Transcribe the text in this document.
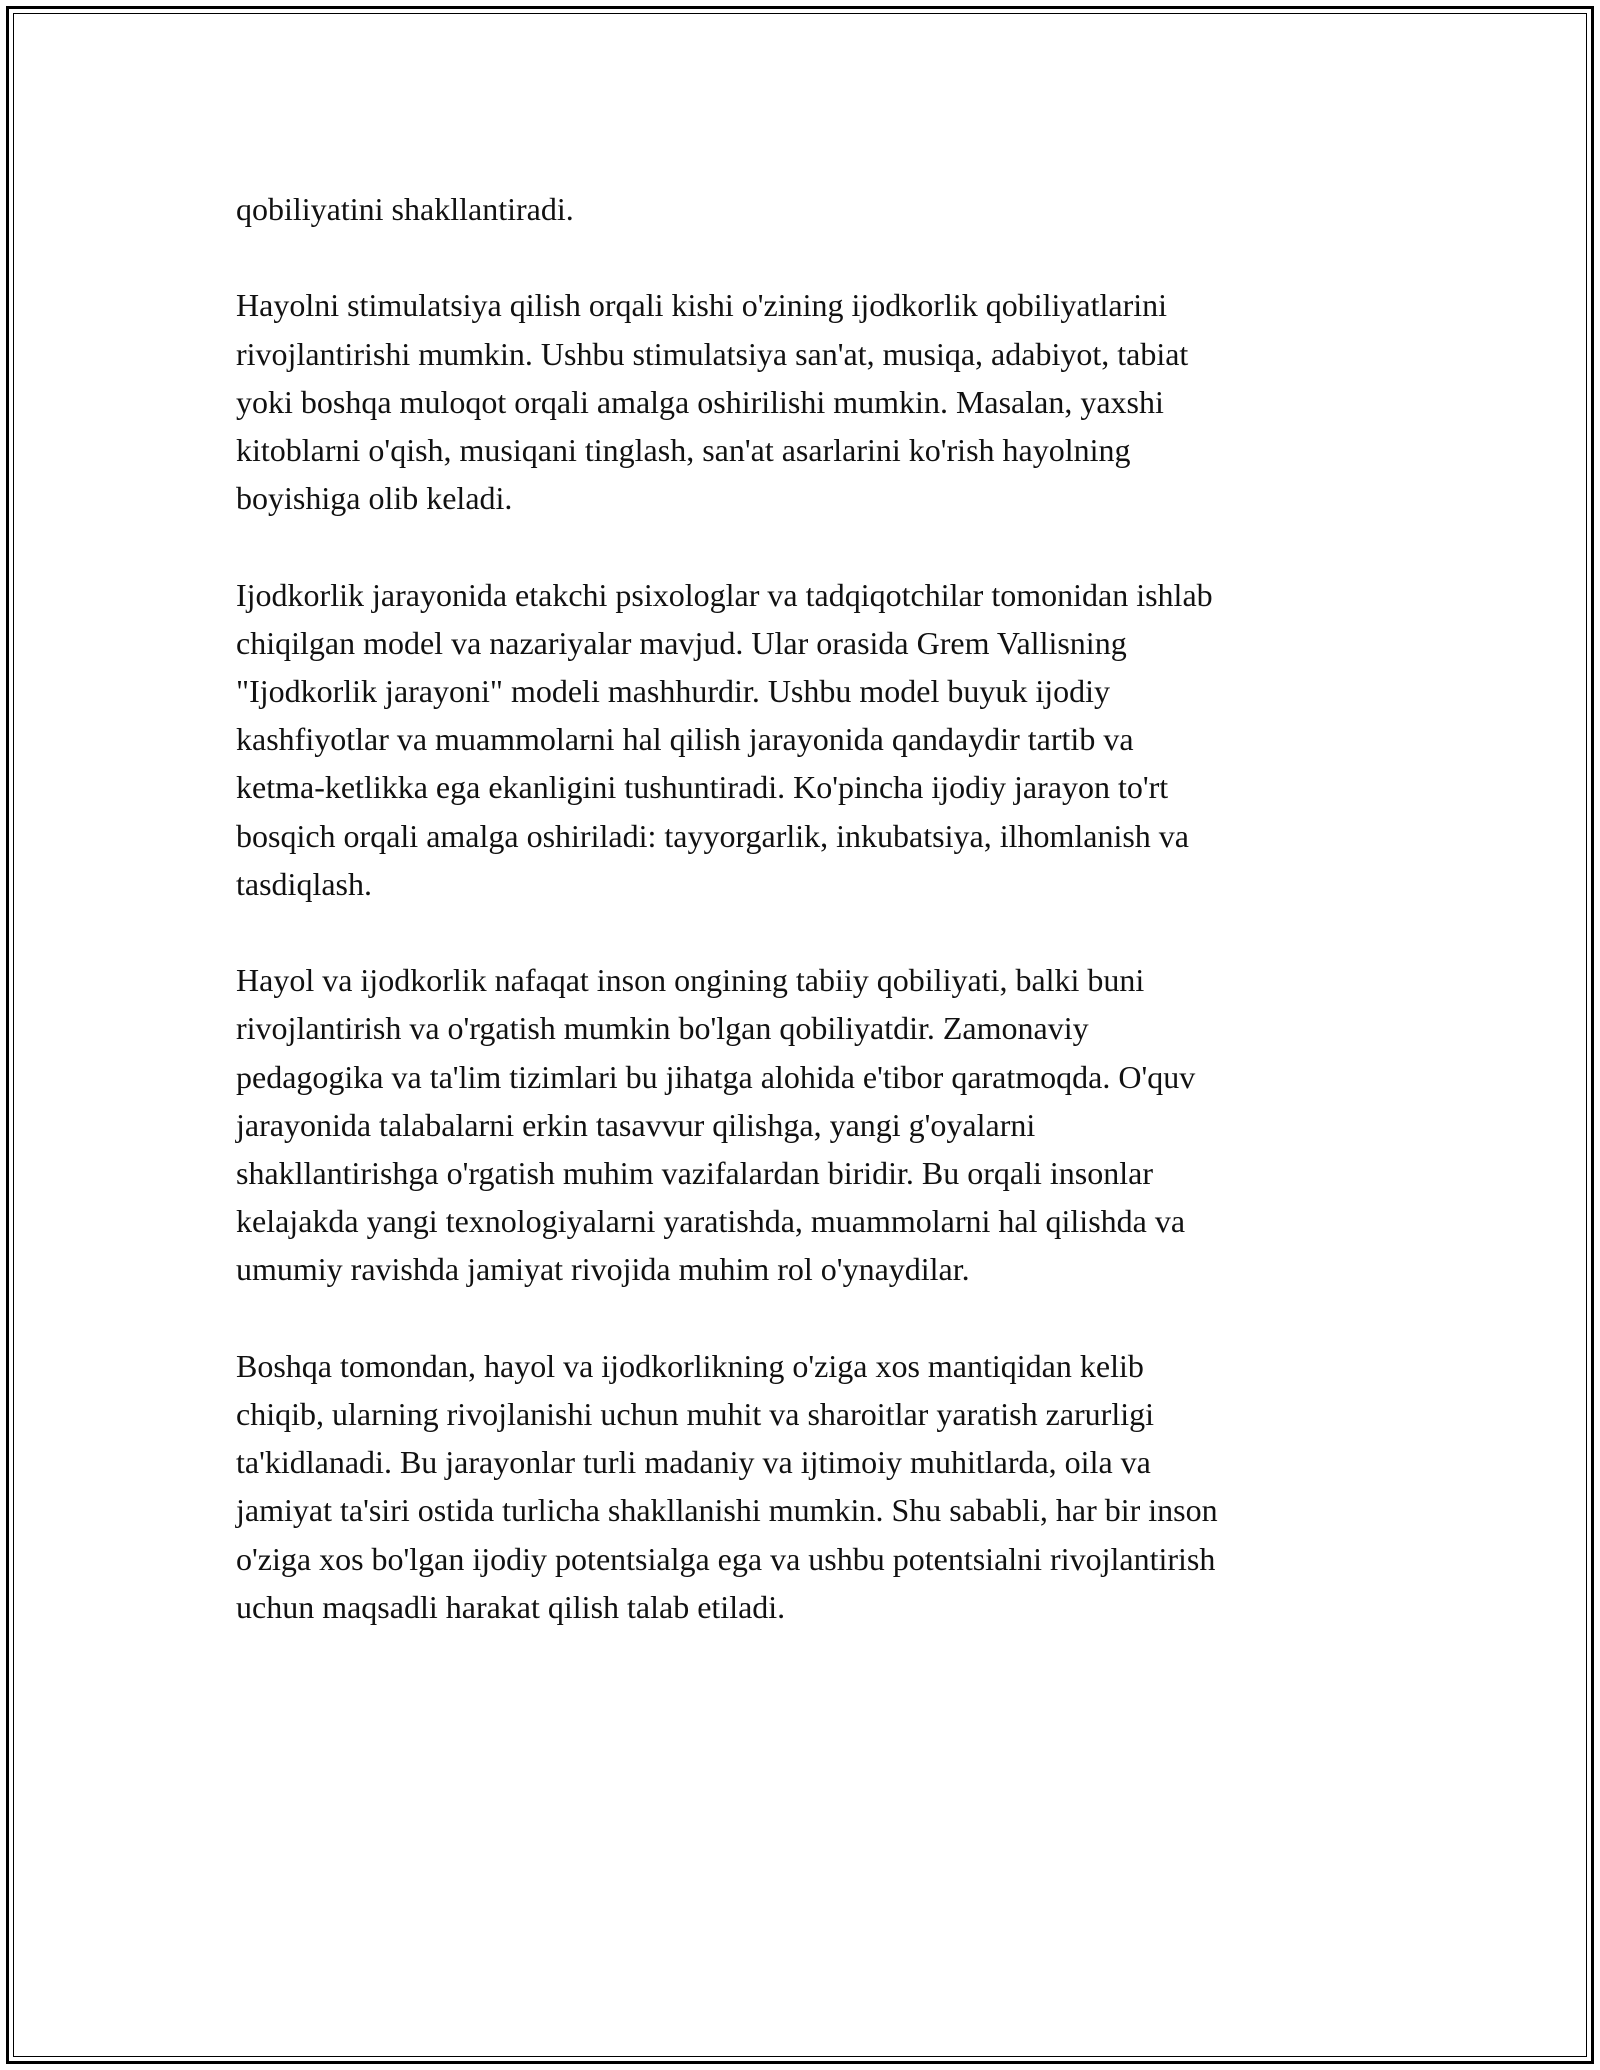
qobiliyatini shakllantiradi.

Hayolni stimulatsiya qilish orqali kishi o'zining ijodkorlik qobiliyatlarini
rivojlantirishi mumkin. Ushbu stimulatsiya san'at, musiqa, adabiyot, tabiat
yoki boshqa muloqot orqali amalga oshirilishi mumkin. Masalan, yaxshi
kitoblarni o'qish, musiqani tinglash, san'at asarlarini ko'rish hayolning
boyishiga olib keladi.

Ijodkorlik jarayonida etakchi psixologlar va tadqiqotchilar tomonidan ishlab
chiqilgan model va nazariyalar mavjud. Ular orasida Grem Vallisning
"Ijodkorlik jarayoni" modeli mashhurdir. Ushbu model buyuk ijodiy
kashfiyotlar va muammolarni hal qilish jarayonida qandaydir tartib va
ketma-ketlikka ega ekanligini tushuntiradi. Ko'pincha ijodiy jarayon to'rt
bosqich orqali amalga oshiriladi: tayyorgarlik, inkubatsiya, ilhomlanish va
tasdiqlash.

Hayol va ijodkorlik nafaqat inson ongining tabiiy qobiliyati, balki buni
rivojlantirish va o'rgatish mumkin bo'lgan qobiliyatdir. Zamonaviy
pedagogika va ta'lim tizimlari bu jihatga alohida e'tibor qaratmoqda. O'quv
jarayonida talabalarni erkin tasavvur qilishga, yangi g'oyalarni
shakllantirishga o'rgatish muhim vazifalardan biridir. Bu orqali insonlar
kelajakda yangi texnologiyalarni yaratishda, muammolarni hal qilishda va
umumiy ravishda jamiyat rivojida muhim rol o'ynaydilar.

Boshqa tomondan, hayol va ijodkorlikning o'ziga xos mantiqidan kelib
chiqib, ularning rivojlanishi uchun muhit va sharoitlar yaratish zarurligi
ta'kidlanadi. Bu jarayonlar turli madaniy va ijtimoiy muhitlarda, oila va
jamiyat ta'siri ostida turlicha shakllanishi mumkin. Shu sababli, har bir inson
o'ziga xos bo'lgan ijodiy potentsialga ega va ushbu potentsialni rivojlantirish
uchun maqsadli harakat qilish talab etiladi.
